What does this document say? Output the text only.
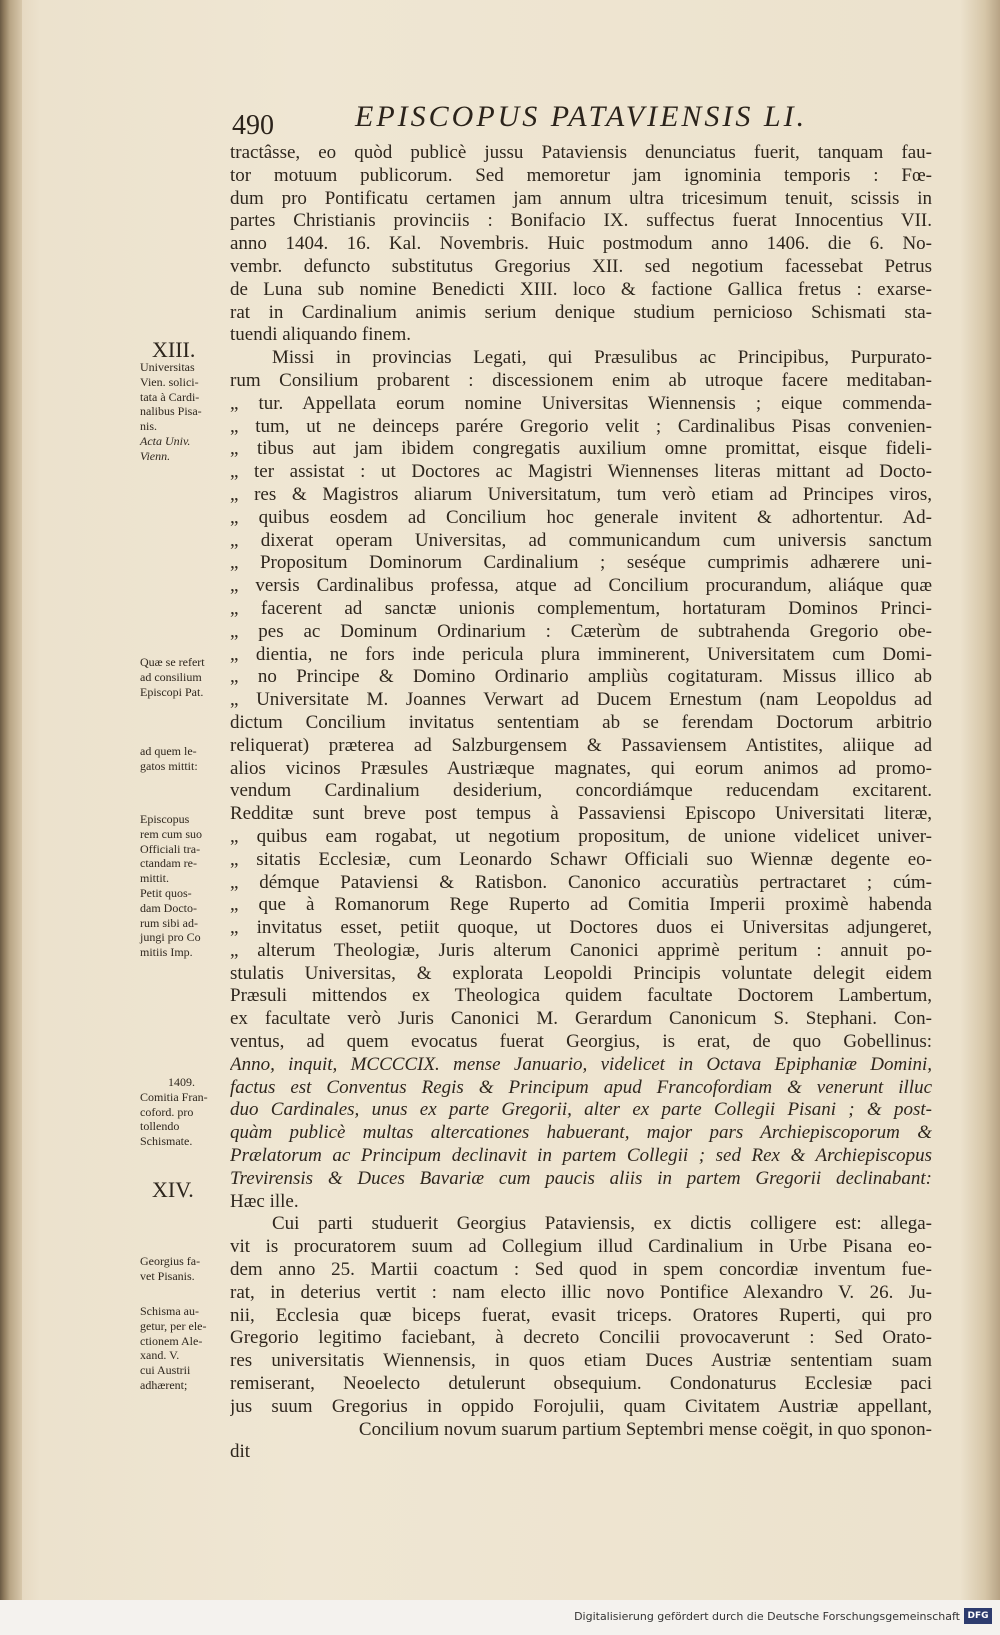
490	EPISCOPUS PATAVIENSIS LI.
XIII.
XIV.
Universitas
Vien. solici-
tata à Cardi-
nalibus Pisa-
nis.
Acta Univ.
Vienn.
Quæ se refert
ad consilium
Episcopi Pat.
ad quem le-
gatos mittit:
Episcopus
rem cum suo
Officiali tra-
ctandam re-
mittit.
Petit quos-
dam Docto-
rum sibi ad-
jungi pro Co
mitiis Imp.
1409.
Comitia Fran-
coford. pro
tollendo
Schismate.
Georgius fa-
vet Pisanis.
Schisma au-
getur, per ele-
ctionem Ale-
xand. V.
cui Austrii
adhærent;
tractâsse, eo quòd publicè jussu Pataviensis denunciatus fuerit, tanquam fau-
tor motuum publicorum. Sed memoretur jam ignominia temporis : Fœ-
dum pro Pontificatu certamen jam annum ultra tricesimum tenuit, scissis in
partes Christianis provinciis : Bonifacio IX. suffectus fuerat Innocentius VII.
anno 1404. 16. Kal. Novembris. Huic postmodum anno 1406. die 6. No-
vembr. defuncto substitutus Gregorius XII. sed negotium facessebat Petrus
de Luna sub nomine Benedicti XIII. loco & factione Gallica fretus : exarse-
rat in Cardinalium animis serium denique studium pernicioso Schismati sta-
tuendi aliquando finem.
Missi in provincias Legati, qui Præsulibus ac Principibus, Purpurato-
rum Consilium probarent : discessionem enim ab utroque facere meditaban-
„ tur. Appellata eorum nomine Universitas Wiennensis ; eique commenda-
„ tum, ut ne deinceps parére Gregorio velit ; Cardinalibus Pisas convenien-
„ tibus aut jam ibidem congregatis auxilium omne promittat, eisque fideli-
„ ter assistat : ut Doctores ac Magistri Wiennenses literas mittant ad Docto-
„ res & Magistros aliarum Universitatum, tum verò etiam ad Principes viros,
„ quibus eosdem ad Concilium hoc generale invitent & adhortentur. Ad-
„ dixerat operam Universitas, ad communicandum cum universis sanctum
„ Propositum Dominorum Cardinalium ; seséque cumprimis adhærere uni-
„ versis Cardinalibus professa, atque ad Concilium procurandum, aliáque quæ
„ facerent ad sanctæ unionis complementum, hortaturam Dominos Princi-
„ pes ac Dominum Ordinarium : Cæterùm de subtrahenda Gregorio obe-
„ dientia, ne fors inde pericula plura imminerent, Universitatem cum Domi-
„ no Principe & Domino Ordinario ampliùs cogitaturam. Missus illico ab
„ Universitate M. Joannes Verwart ad Ducem Ernestum (nam Leopoldus ad
dictum Concilium invitatus sententiam ab se ferendam Doctorum arbitrio
reliquerat) præterea ad Salzburgensem & Passaviensem Antistites, aliique ad
alios vicinos Præsules Austriæque magnates, qui eorum animos ad promo-
vendum Cardinalium desiderium, concordiámque reducendam excitarent.
Redditæ sunt breve post tempus à Passaviensi Episcopo Universitati literæ,
„ quibus eam rogabat, ut negotium propositum, de unione videlicet univer-
„ sitatis Ecclesiæ, cum Leonardo Schawr Officiali suo Wiennæ degente eo-
„ démque Pataviensi & Ratisbon. Canonico accuratiùs pertractaret ; cúm-
„ que à Romanorum Rege Ruperto ad Comitia Imperii proximè habenda
„ invitatus esset, petiit quoque, ut Doctores duos ei Universitas adjungeret,
„ alterum Theologiæ, Juris alterum Canonici apprimè peritum : annuit po-
stulatis Universitas, & explorata Leopoldi Principis voluntate delegit eidem
Præsuli mittendos ex Theologica quidem facultate Doctorem Lambertum,
ex facultate verò Juris Canonici M. Gerardum Canonicum S. Stephani. Con-
ventus, ad quem evocatus fuerat Georgius, is erat, de quo Gobellinus:
Anno, inquit, MCCCCIX. mense Januario, videlicet in Octava Epiphaniæ Domini,
factus est Conventus Regis & Principum apud Francofordiam & venerunt illuc
duo Cardinales, unus ex parte Gregorii, alter ex parte Collegii Pisani ; & post-
quàm publicè multas altercationes habuerant, major pars Archiepiscoporum &
Prælatorum ac Principum declinavit in partem Collegii ; sed Rex & Archiepiscopus
Trevirensis & Duces Bavariæ cum paucis aliis in partem Gregorii declinabant:
Hæc ille.
Cui parti studuerit Georgius Pataviensis, ex dictis colligere est: allega-
vit is procuratorem suum ad Collegium illud Cardinalium in Urbe Pisana eo-
dem anno 25. Martii coactum : Sed quod in spem concordiæ inventum fue-
rat, in deterius vertit : nam electo illic novo Pontifice Alexandro V. 26. Ju-
nii, Ecclesia quæ biceps fuerat, evasit triceps. Oratores Ruperti, qui pro
Gregorio legitimo faciebant, à decreto Concilii provocaverunt : Sed Orato-
res universitatis Wiennensis, in quos etiam Duces Austriæ sententiam suam
remiserant, Neoelecto detulerunt obsequium. Condonaturus Ecclesiæ paci
jus suum Gregorius in oppido Forojulii, quam Civitatem Austriæ appellant,
Concilium novum suarum partium Septembri mense coëgit, in quo sponon-
dit
Digitalisierung gefördert durch die Deutsche Forschungsgemeinschaft DFG
